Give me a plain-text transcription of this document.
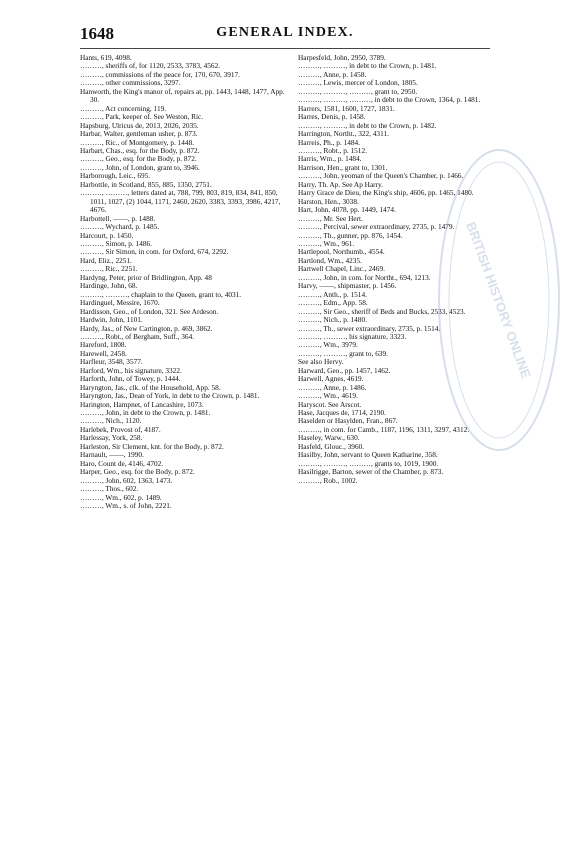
1648	GENERAL INDEX.
Hants, 619, 4098.
………, sheriffs of, for 1120, 2533, 3783, 4562.
………, commissions of the peace for, 170, 670, 3917.
………, other commissions, 3297.
Hanworth, the King's manor of, repairs at, pp. 1443, 1448, 1477, App. 30.
………, Act concerning, 119.
………, Park, keeper of. See Weston, Ric.
Hapsburg, Ulricus de, 2013, 2026, 2035.
Harbar, Walter, gentleman usher, p. 873.
………, Ric., of Montgomery, p. 1448.
Harbart, Chas., esq. for the Body, p. 872.
………, Geo., esq. for the Body, p. 872.
………, John, of London, grant to, 3946.
Harborough, Leic., 695.
Harbottle, in Scotland, 855, 885, 1350, 2751.
………, ………, letters dated at, 788, 799, 803, 819, 834, 841, 850, 1011, 1027, (2) 1044, 1171, 2460, 2620, 3383, 3393, 3986, 4217, 4676.
Harbottell, ——, p. 1488.
………, Wychard, p. 1485.
Harcourt, p. 1450.
………, Simon, p. 1486.
………, Sir Simon, in com. for Oxford, 674, 2292.
Hard, Eliz., 2251.
………, Ric., 2251.
Hardyng, Peter, prior of Bridlington, App. 48
Hardinge, John, 68.
………, ………, chaplain to the Queen, grant to, 4031.
Hardinguel, Messire, 1670.
Hardisson, Geo., of London, 321. See Ardeson.
Hardwin, John, 1101.
Hardy, Jas., of New Cartington, p. 469, 3862.
………, Robt., of Bergham, Suff., 364.
Hareford, 1808.
Harewell, 2458.
Harfleur, 3548, 3577.
Harford, Wm., his signature, 3322.
Harforth, John, of Towey, p. 1444.
Haryngton, Jas., clk. of the Household, App. 58.
Haryngton, Jas., Dean of York, in debt to the Crown, p. 1481.
Harington, Hampnet, of Lancashire, 1073.
………, John, in debt to the Crown, p. 1481.
………, Nich., 1120.
Harlebek, Provost of, 4187.
Harlessay, York, 258.
Harleston, Sir Clement, knt. for the Body, p. 872.
Harnault, ——, 1990.
Haro, Count de, 4146, 4702.
Harper, Geo., esq. for the Body, p. 872.
………, John, 602, 1363, 1473.
………, Thos., 602.
………, Wm., 602, p. 1489.
………, Wm., s. of John, 2221.
Harpesfeld, John, 2950, 3789.
………, ………, in debt to the Crown, p. 1481.
………, Anne, p. 1458.
………, Lewis, mercer of London, 1805.
………, ………, ………, grant to, 2950.
………, ………, ………, in debt to the Crown, 1364, p. 1481.
Harrers, 1581, 1600, 1727, 1831.
Harres, Denis, p. 1458.
………, ………, in debt to the Crown, p. 1482.
Harrington, Northt., 322, 4311.
Harreis, Ph., p. 1484.
………, Robt., p. 1512.
Harris, Wm., p. 1484.
Harrison, Hen., grant to, 1301.
………, John, yeoman of the Queen's Chamber, p. 1466.
Harry, Th. Ap. See Ap Harry.
Harry Grace de Dieu, the King's ship, 4606, pp. 1465, 1480.
Harston, Hen., 3038.
Hart, John, 4078, pp. 1449, 1474.
………, Mr. See Hert.
………, Percival, sewer extraordinary, 2735, p. 1479.
………, Th., gunner, pp. 876, 1454.
………, Wm., 961.
Hartlepool, Northumb., 4554.
Hartlond, Wm., 4235.
Hartwell Chapel, Linc., 2469.
………, John, in com. for Northt., 694, 1213.
Harvy, ——, shipmaster, p. 1456.
………, Anth., p. 1514.
………, Edm., App. 58.
………, Sir Geo., sheriff of Beds and Bucks, 2533, 4523.
………, Nich., p. 1480.
………, Th., sewer extraordinary, 2735, p. 1514.
………, ………, his signature, 3323.
………, Wm., 3979.
………, ………, grant to, 639.
See also Hervy.
Harward, Geo., pp. 1457, 1462.
Harwell, Agnes, 4619.
………, Anne, p. 1486.
………, Wm., 4619.
Haryscot. See Arscot.
Hase, Jacques de, 1714, 2190.
Haselden or Hasylden, Fran., 867.
………, in com. for Camb., 1187, 1196, 1311, 3297, 4312.
Haseley, Warw., 630.
Hasfeld, Glouc., 3960.
Hasilby, John, servant to Queen Katharine, 358.
………, ………, ………, grants to, 1019, 1900.
Hasilrigge, Barton, sewer of the Chamber, p. 873.
………, Rob., 1002.
BRITISH HISTORY ONLINE
